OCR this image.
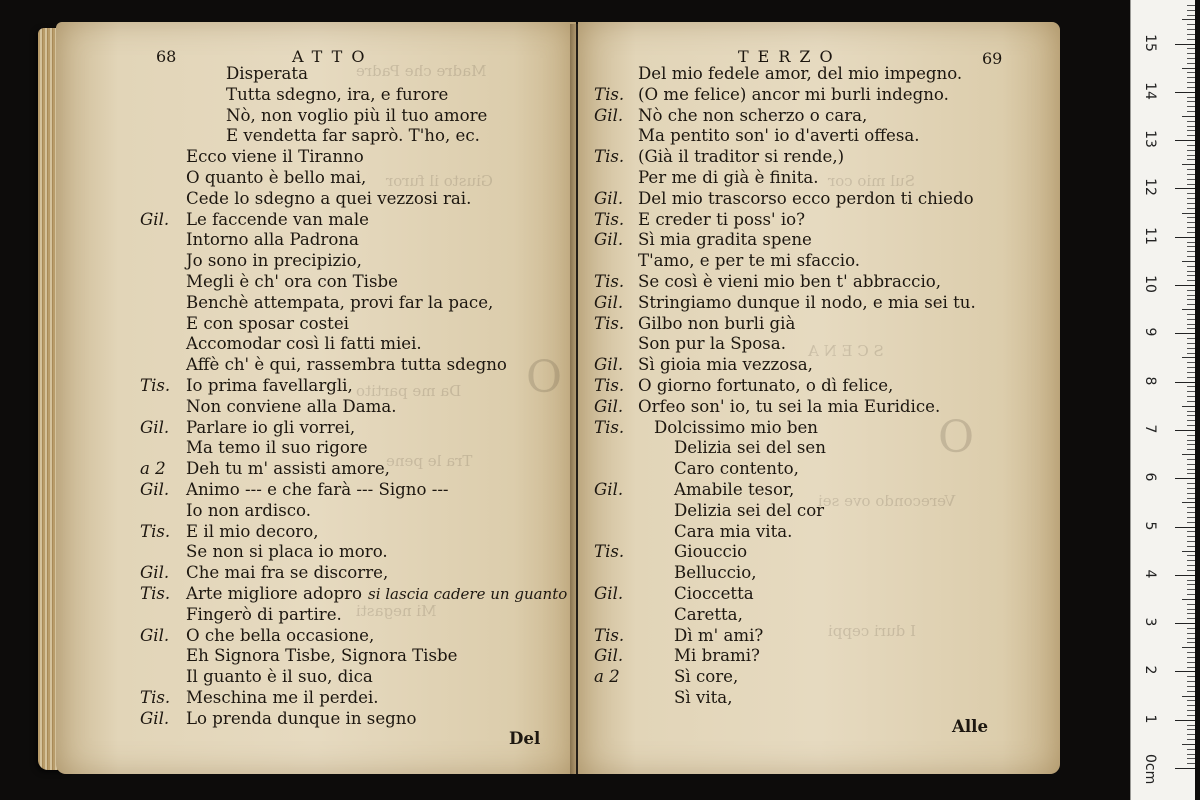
Madre che Padre
Giusto il furor
Da me partito
Tra le pene
Mi negasti
O
68	ATTO
Disperata
Tutta sdegno, ira, e furore
Nò, non voglio più il tuo amore
E vendetta far saprò. T'ho, ec.
Ecco viene il Tiranno
O quanto è bello mai,
Cede lo sdegno a quei vezzosi rai.
Gil. Le faccende van male
Intorno alla Padrona
Jo sono in precipizio,
Megli è ch' ora con Tisbe
Benchè attempata, provi far la pace,
E con sposar costei
Accomodar così li fatti miei.
Affè ch' è qui, rassembra tutta sdegno
Tis. Io prima favellargli,
Non conviene alla Dama.
Gil. Parlare io gli vorrei,
Ma temo il suo rigore
a 2 Deh tu m' assisti amore,
Gil. Animo --- e che farà --- Signo ---
Io non ardisco.
Tis. E il mio decoro,
Se non si placa io moro.
Gil. Che mai fra se discorre,
Tis. Arte migliore adopro si lascia cadere un guanto
Fingerò di partire.
Gil. O che bella occasione,
Eh Signora Tisbe, Signora Tisbe
Il guanto è il suo, dica
Tis. Meschina me il perdei.
Gil. Lo prenda dunque in segno
Del
Sul mio cor
S C E N A
Verecondo ove sei
I duri ceppi
O
TERZO	69
Del mio fedele amor, del mio impegno.
Tis. (O me felice) ancor mi burli indegno.
Gil. Nò che non scherzo o cara,
Ma pentito son' io d'averti offesa.
Tis. (Già il traditor si rende,)
Per me di già è finita.
Gil. Del mio trascorso ecco perdon ti chiedo
Tis. E creder ti poss' io?
Gil. Sì mia gradita spene
T'amo, e per te mi sfaccio.
Tis. Se così è vieni mio ben t' abbraccio,
Gil. Stringiamo dunque il nodo, e mia sei tu.
Tis. Gilbo non burli già
Son pur la Sposa.
Gil. Sì gioia mia vezzosa,
Tis. O giorno fortunato, o dì felice,
Gil. Orfeo son' io, tu sei la mia Euridice.
Tis. Dolcissimo mio ben
Delizia sei del sen
Caro contento,
Gil.	Amabile tesor,
Delizia sei del cor
Cara mia vita.
Tis.	Giouccio
Belluccio,
Gil.	Cioccetta
Caretta,
Tis.	Dì m' ami?
Gil.	Mi brami?
a 2	Sì core,
Sì vita,
Alle
0cm
1
2
3
4
5
6
7
8
9
10
11
12
13
14
15
